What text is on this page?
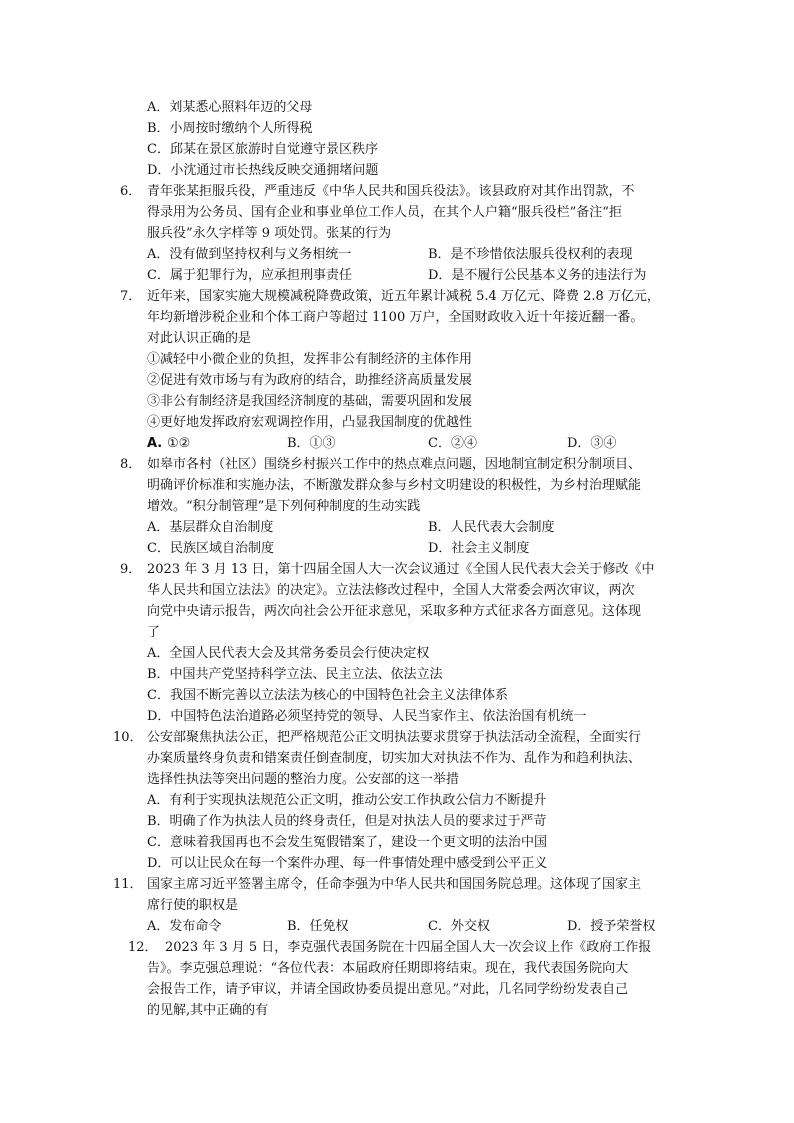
A．刘某悉心照料年迈的父母
B．小周按时缴纳个人所得税
C．邱某在景区旅游时自觉遵守景区秩序
D．小沈通过市长热线反映交通拥堵问题
6． 青年张某拒服兵役，严重违反《中华人民共和国兵役法》。该县政府对其作出罚款，不
得录用为公务员、国有企业和事业单位工作人员，在其个人户籍“服兵役栏”备注“拒
服兵役”永久字样等 9 项处罚。张某的行为
A．没有做到坚持权利与义务相统一	B．是不珍惜依法服兵役权利的表现
C．属于犯罪行为，应承担刑事责任	D．是不履行公民基本义务的违法行为
7． 近年来，国家实施大规模减税降费政策，近五年累计减税 5.4 万亿元、降费 2.8 万亿元，
年均新增涉税企业和个体工商户等超过 1100 万户，全国财政收入近十年接近翻一番。
对此认识正确的是
①减轻中小微企业的负担，发挥非公有制经济的主体作用
②促进有效市场与有为政府的结合，助推经济高质量发展
③非公有制经济是我国经济制度的基础，需要巩固和发展
④更好地发挥政府宏观调控作用，凸显我国制度的优越性
A. ①②	B．①③	C．②④	D．③④
8． 如皋市各村（社区）围绕乡村振兴工作中的热点难点问题，因地制宜制定积分制项目、
明确评价标准和实施办法，不断激发群众参与乡村文明建设的积极性，为乡村治理赋能
增效。“积分制管理”是下列何种制度的生动实践
A．基层群众自治制度	B．人民代表大会制度
C．民族区域自治制度	D．社会主义制度
9． 2023 年 3 月 13 日，第十四届全国人大一次会议通过《全国人民代表大会关于修改《中
华人民共和国立法法》的决定》。立法法修改过程中，全国人大常委会两次审议，两次
向党中央请示报告，两次向社会公开征求意见，采取多种方式征求各方面意见。这体现
了
A．全国人民代表大会及其常务委员会行使决定权
B．中国共产党坚持科学立法、民主立法、依法立法
C．我国不断完善以立法法为核心的中国特色社会主义法律体系
D．中国特色法治道路必须坚持党的领导、人民当家作主、依法治国有机统一
10． 公安部聚焦执法公正，把严格规范公正文明执法要求贯穿于执法活动全流程，全面实行
办案质量终身负责和错案责任倒查制度，切实加大对执法不作为、乱作为和趋利执法、
选择性执法等突出问题的整治力度。公安部的这一举措
A．有利于实现执法规范公正文明，推动公安工作执政公信力不断提升
B．明确了作为执法人员的终身责任，但是对执法人员的要求过于严苛
C．意味着我国再也不会发生冤假错案了，建设一个更文明的法治中国
D．可以让民众在每一个案件办理、每一件事情处理中感受到公平正义
11． 国家主席习近平签署主席令，任命李强为中华人民共和国国务院总理。这体现了国家主
席行使的职权是
A．发布命令	B．任免权	C．外交权	D．授予荣誉权
12． 2023 年 3 月 5 日，李克强代表国务院在十四届全国人大一次会议上作《政府工作报
告》。李克强总理说：“各位代表：本届政府任期即将结束。现在，我代表国务院向大
会报告工作，请予审议，并请全国政协委员提出意见。”对此，几名同学纷纷发表自己
的见解,其中正确的有
